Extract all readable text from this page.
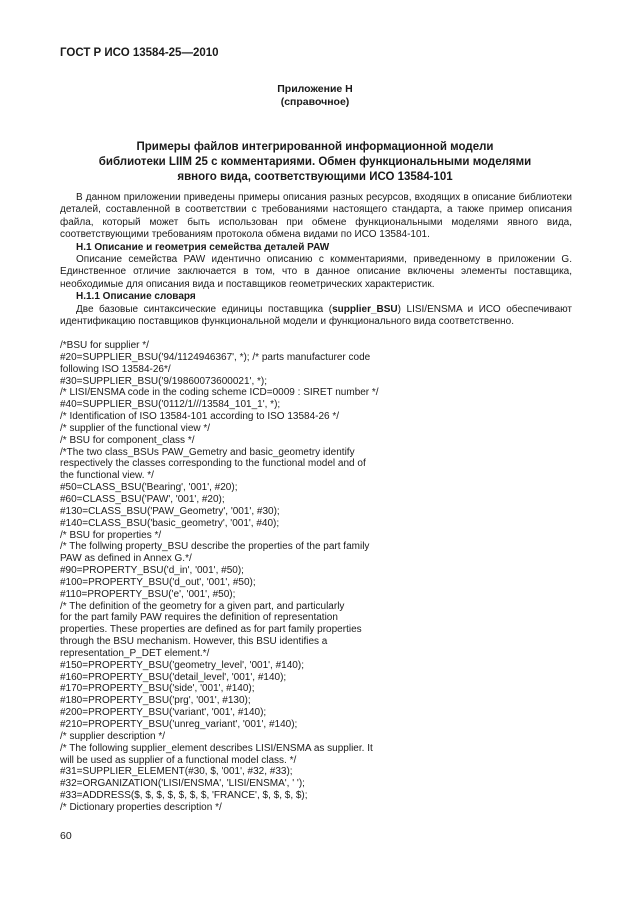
ГОСТ Р ИСО 13584-25—2010
Приложение Н
(справочное)
Примеры файлов интегрированной информационной модели
библиотеки LIIM 25 с комментариями. Обмен функциональными моделями
явного вида, соответствующими ИСО 13584-101

В данном приложении приведены примеры описания разных ресурсов, входящих в описание библиотеки деталей, составленной в соответствии с требованиями настоящего стандарта, а также пример описания файла, который может быть использован при обмене функциональными моделями явного вида, соответствующими требованиям протокола обмена видами по ИСО 13584-101.

Н.1 Описание и геометрия семейства деталей PAW

Описание семейства PAW идентично описанию с комментариями, приведенному в приложении G. Единственное отличие заключается в том, что в данное описание включены элементы поставщика, необходимые для описания вида и поставщиков геометрических характеристик.

Н.1.1 Описание словаря

Две базовые синтаксические единицы поставщика (supplier_BSU) LISI/ENSMA и ИСО обеспечивают идентификацию поставщиков функциональной модели и функционального вида соответственно.

/*BSU for supplier */
#20=SUPPLIER_BSU('94/1124946367', *); /* parts manufacturer code
following ISO 13584-26*/
#30=SUPPLIER_BSU('9/19860073600021', *);
/* LISI/ENSMA code in the coding scheme ICD=0009 : SIRET number */
#40=SUPPLIER_BSU('0112/1///13584_101_1', *);
/* Identification of ISO 13584-101 according to ISO 13584-26 */
/* supplier of the functional view */
/* BSU for component_class */
/*The two class_BSUs PAW_Gemetry and basic_geometry identify
respectively the classes corresponding to the functional model and of
the functional view. */
#50=CLASS_BSU('Bearing', '001', #20);
#60=CLASS_BSU('PAW', '001', #20);
#130=CLASS_BSU('PAW_Geometry', '001', #30);
#140=CLASS_BSU('basic_geometry', '001', #40);
/* BSU for properties */
/* The follwing property_BSU describe the properties of the part family
PAW as defined in Annex G.*/
#90=PROPERTY_BSU('d_in', '001', #50);
#100=PROPERTY_BSU('d_out', '001', #50);
#110=PROPERTY_BSU('e', '001', #50);
/* The definition of the geometry for a given part, and particularly
for the part family PAW requires the definition of representation
properties. These properties are defined as for part family properties
through the BSU mechanism. However, this BSU identifies a
representation_P_DET element.*/
#150=PROPERTY_BSU('geometry_level', '001', #140);
#160=PROPERTY_BSU('detail_level', '001', #140);
#170=PROPERTY_BSU('side', '001', #140);
#180=PROPERTY_BSU('prg', '001', #130);
#200=PROPERTY_BSU('variant', '001', #140);
#210=PROPERTY_BSU('unreg_variant', '001', #140);
/* supplier description */
/* The following supplier_element describes LISI/ENSMA as supplier. It
will be used as supplier of a functional model class. */
#31=SUPPLIER_ELEMENT(#30, $, '001', #32, #33);
#32=ORGANIZATION('LISI/ENSMA', 'LISI/ENSMA', ' ');
#33=ADDRESS($, $, $, $, $, $, $, 'FRANCE', $, $, $, $);
/* Dictionary properties description */
60
